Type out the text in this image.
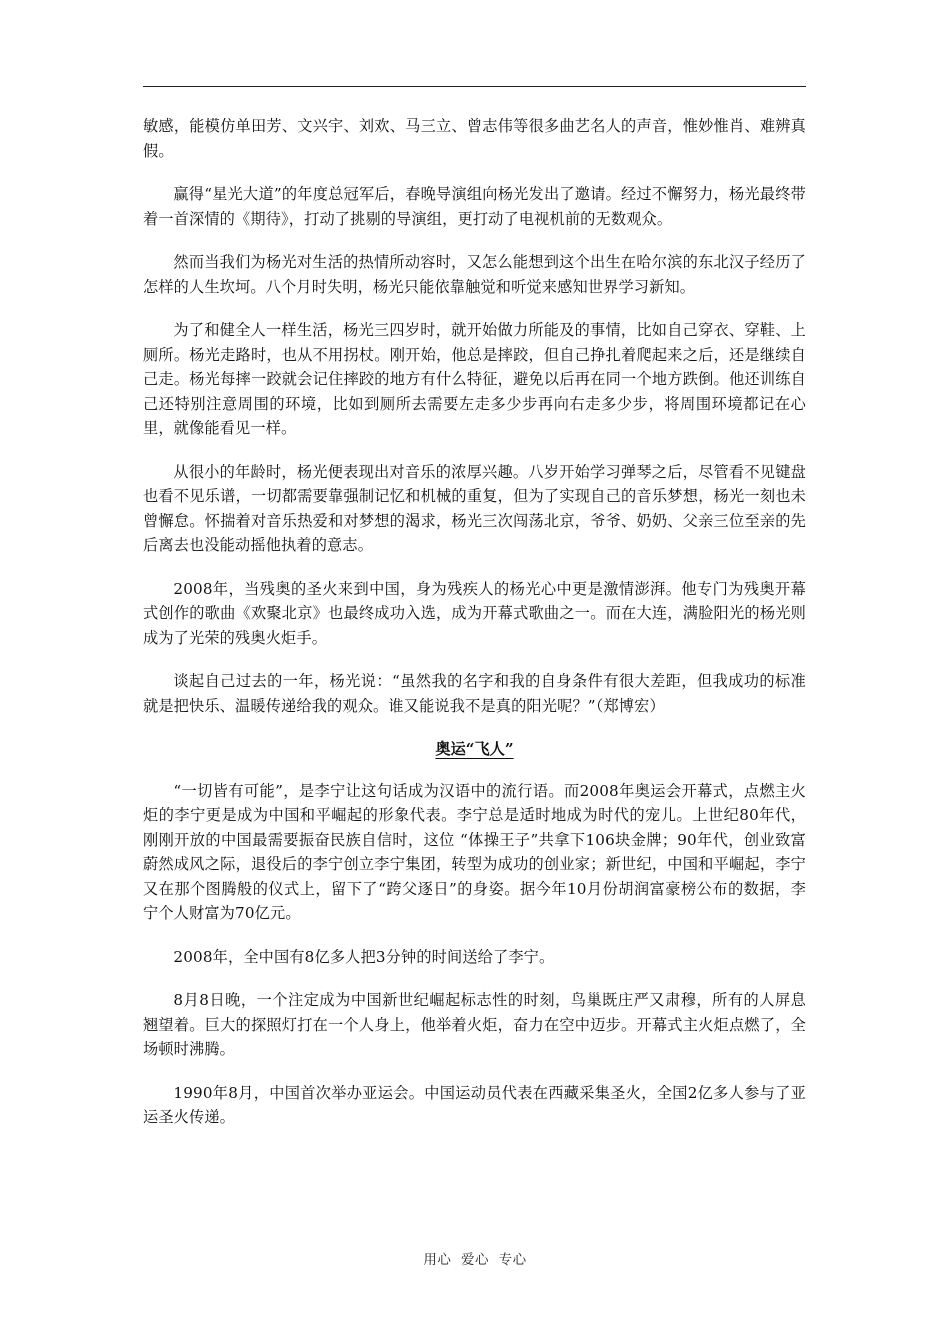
敏感，能模仿单田芳、文兴宇、刘欢、马三立、曾志伟等很多曲艺名人的声音，惟妙惟肖、难辨真假。

赢得“星光大道”的年度总冠军后，春晚导演组向杨光发出了邀请。经过不懈努力，杨光最终带着一首深情的《期待》，打动了挑剔的导演组，更打动了电视机前的无数观众。

然而当我们为杨光对生活的热情所动容时，又怎么能想到这个出生在哈尔滨的东北汉子经历了怎样的人生坎坷。八个月时失明，杨光只能依靠触觉和听觉来感知世界学习新知。

为了和健全人一样生活，杨光三四岁时，就开始做力所能及的事情，比如自己穿衣、穿鞋、上厕所。杨光走路时，也从不用拐杖。刚开始，他总是摔跤，但自己挣扎着爬起来之后，还是继续自己走。杨光每摔一跤就会记住摔跤的地方有什么特征，避免以后再在同一个地方跌倒。他还训练自己还特别注意周围的环境，比如到厕所去需要左走多少步再向右走多少步，将周围环境都记在心里，就像能看见一样。

从很小的年龄时，杨光便表现出对音乐的浓厚兴趣。八岁开始学习弹琴之后，尽管看不见键盘也看不见乐谱，一切都需要靠强制记忆和机械的重复，但为了实现自己的音乐梦想，杨光一刻也未曾懈怠。怀揣着对音乐热爱和对梦想的渴求，杨光三次闯荡北京，爷爷、奶奶、父亲三位至亲的先后离去也没能动摇他执着的意志。

2008年，当残奥的圣火来到中国，身为残疾人的杨光心中更是激情澎湃。他专门为残奥开幕式创作的歌曲《欢聚北京》也最终成功入选，成为开幕式歌曲之一。而在大连，满脸阳光的杨光则成为了光荣的残奥火炬手。

谈起自己过去的一年，杨光说：“虽然我的名字和我的自身条件有很大差距，但我成功的标准就是把快乐、温暖传递给我的观众。谁又能说我不是真的阳光呢？”（郑博宏）

奥运“飞人”

“一切皆有可能”，是李宁让这句话成为汉语中的流行语。而2008年奥运会开幕式，点燃主火炬的李宁更是成为中国和平崛起的形象代表。李宁总是适时地成为时代的宠儿。上世纪80年代，刚刚开放的中国最需要振奋民族自信时，这位 “体操王子”共拿下106块金牌；90年代，创业致富蔚然成风之际，退役后的李宁创立李宁集团，转型为成功的创业家；新世纪，中国和平崛起，李宁又在那个图腾般的仪式上，留下了“跨父逐日”的身姿。据今年10月份胡润富豪榜公布的数据，李宁个人财富为70亿元。

2008年，全中国有8亿多人把3分钟的时间送给了李宁。

8月8日晚，一个注定成为中国新世纪崛起标志性的时刻，鸟巢既庄严又肃穆，所有的人屏息翘望着。巨大的探照灯打在一个人身上，他举着火炬，奋力在空中迈步。开幕式主火炬点燃了，全场顿时沸腾。

1990年8月，中国首次举办亚运会。中国运动员代表在西藏采集圣火，全国2亿多人参与了亚运圣火传递。

用心  爱心  专心
